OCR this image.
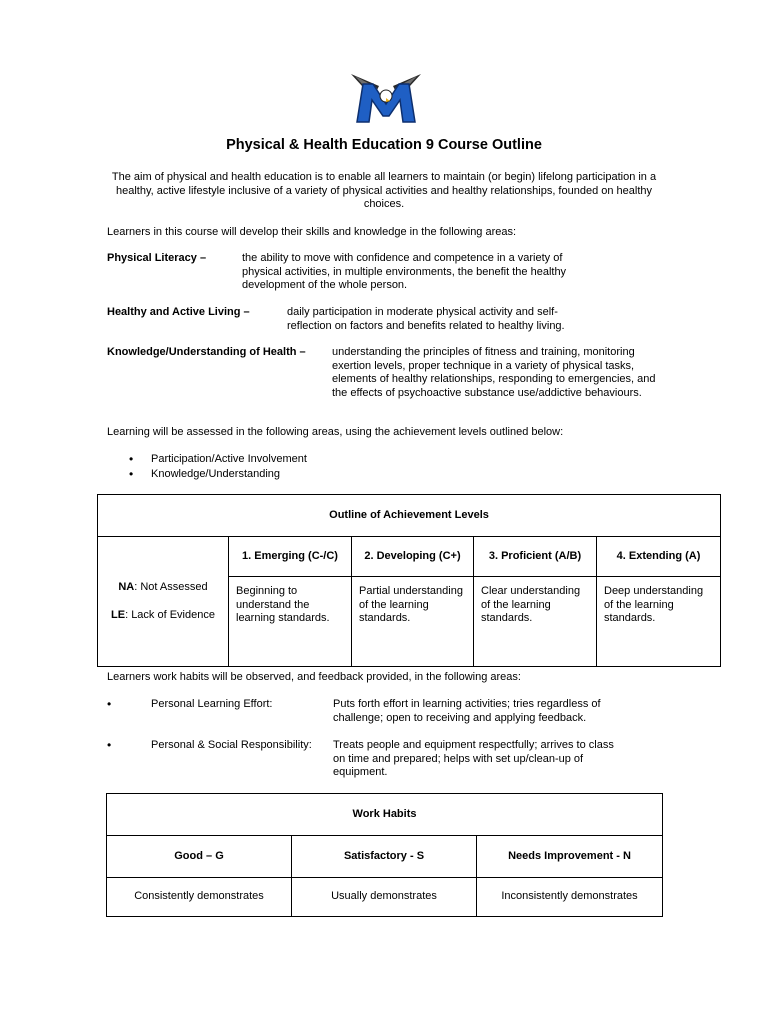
Physical & Health Education 9 Course Outline
The aim of physical and health education is to enable all learners to maintain (or begin) lifelong participation in a healthy, active lifestyle inclusive of a variety of physical activities and healthy relationships, founded on healthy choices.
Learners in this course will develop their skills and knowledge in the following areas:
Physical Literacy –	the ability to move with confidence and competence in a variety of physical activities, in multiple environments, the benefit the healthy development of the whole person.
Healthy and Active Living –	daily participation in moderate physical activity and self-reflection on factors and benefits related to healthy living.
Knowledge/Understanding of Health – understanding the principles of fitness and training, monitoring exertion levels, proper technique in a variety of physical tasks, elements of healthy relationships, responding to emergencies, and the effects of psychoactive substance use/addictive behaviours.
Learning will be assessed in the following areas, using the achievement levels outlined below:
• Participation/Active Involvement
• Knowledge/Understanding
Outline of Achievement Levels				

NA: Not Assessed
LE: Lack of Evidence	1. Emerging (C-/C)	2. Developing (C+)	3. Proficient (A/B)	4. Extending (A)
	Beginning to understand the learning standards.	Partial understanding of the learning standards.	Clear understanding of the learning standards.	Deep understanding of the learning standards.
Learners work habits will be observed, and feedback provided, in the following areas:
•	Personal Learning Effort:	Puts forth effort in learning activities; tries regardless of challenge; open to receiving and applying feedback.
•	Personal & Social Responsibility: Treats people and equipment respectfully; arrives to class on time and prepared; helps with set up/clean-up of equipment.
Work Habits		
Good – G	Satisfactory - S	Needs Improvement - N
Consistently demonstrates	Usually demonstrates	Inconsistently demonstrates
